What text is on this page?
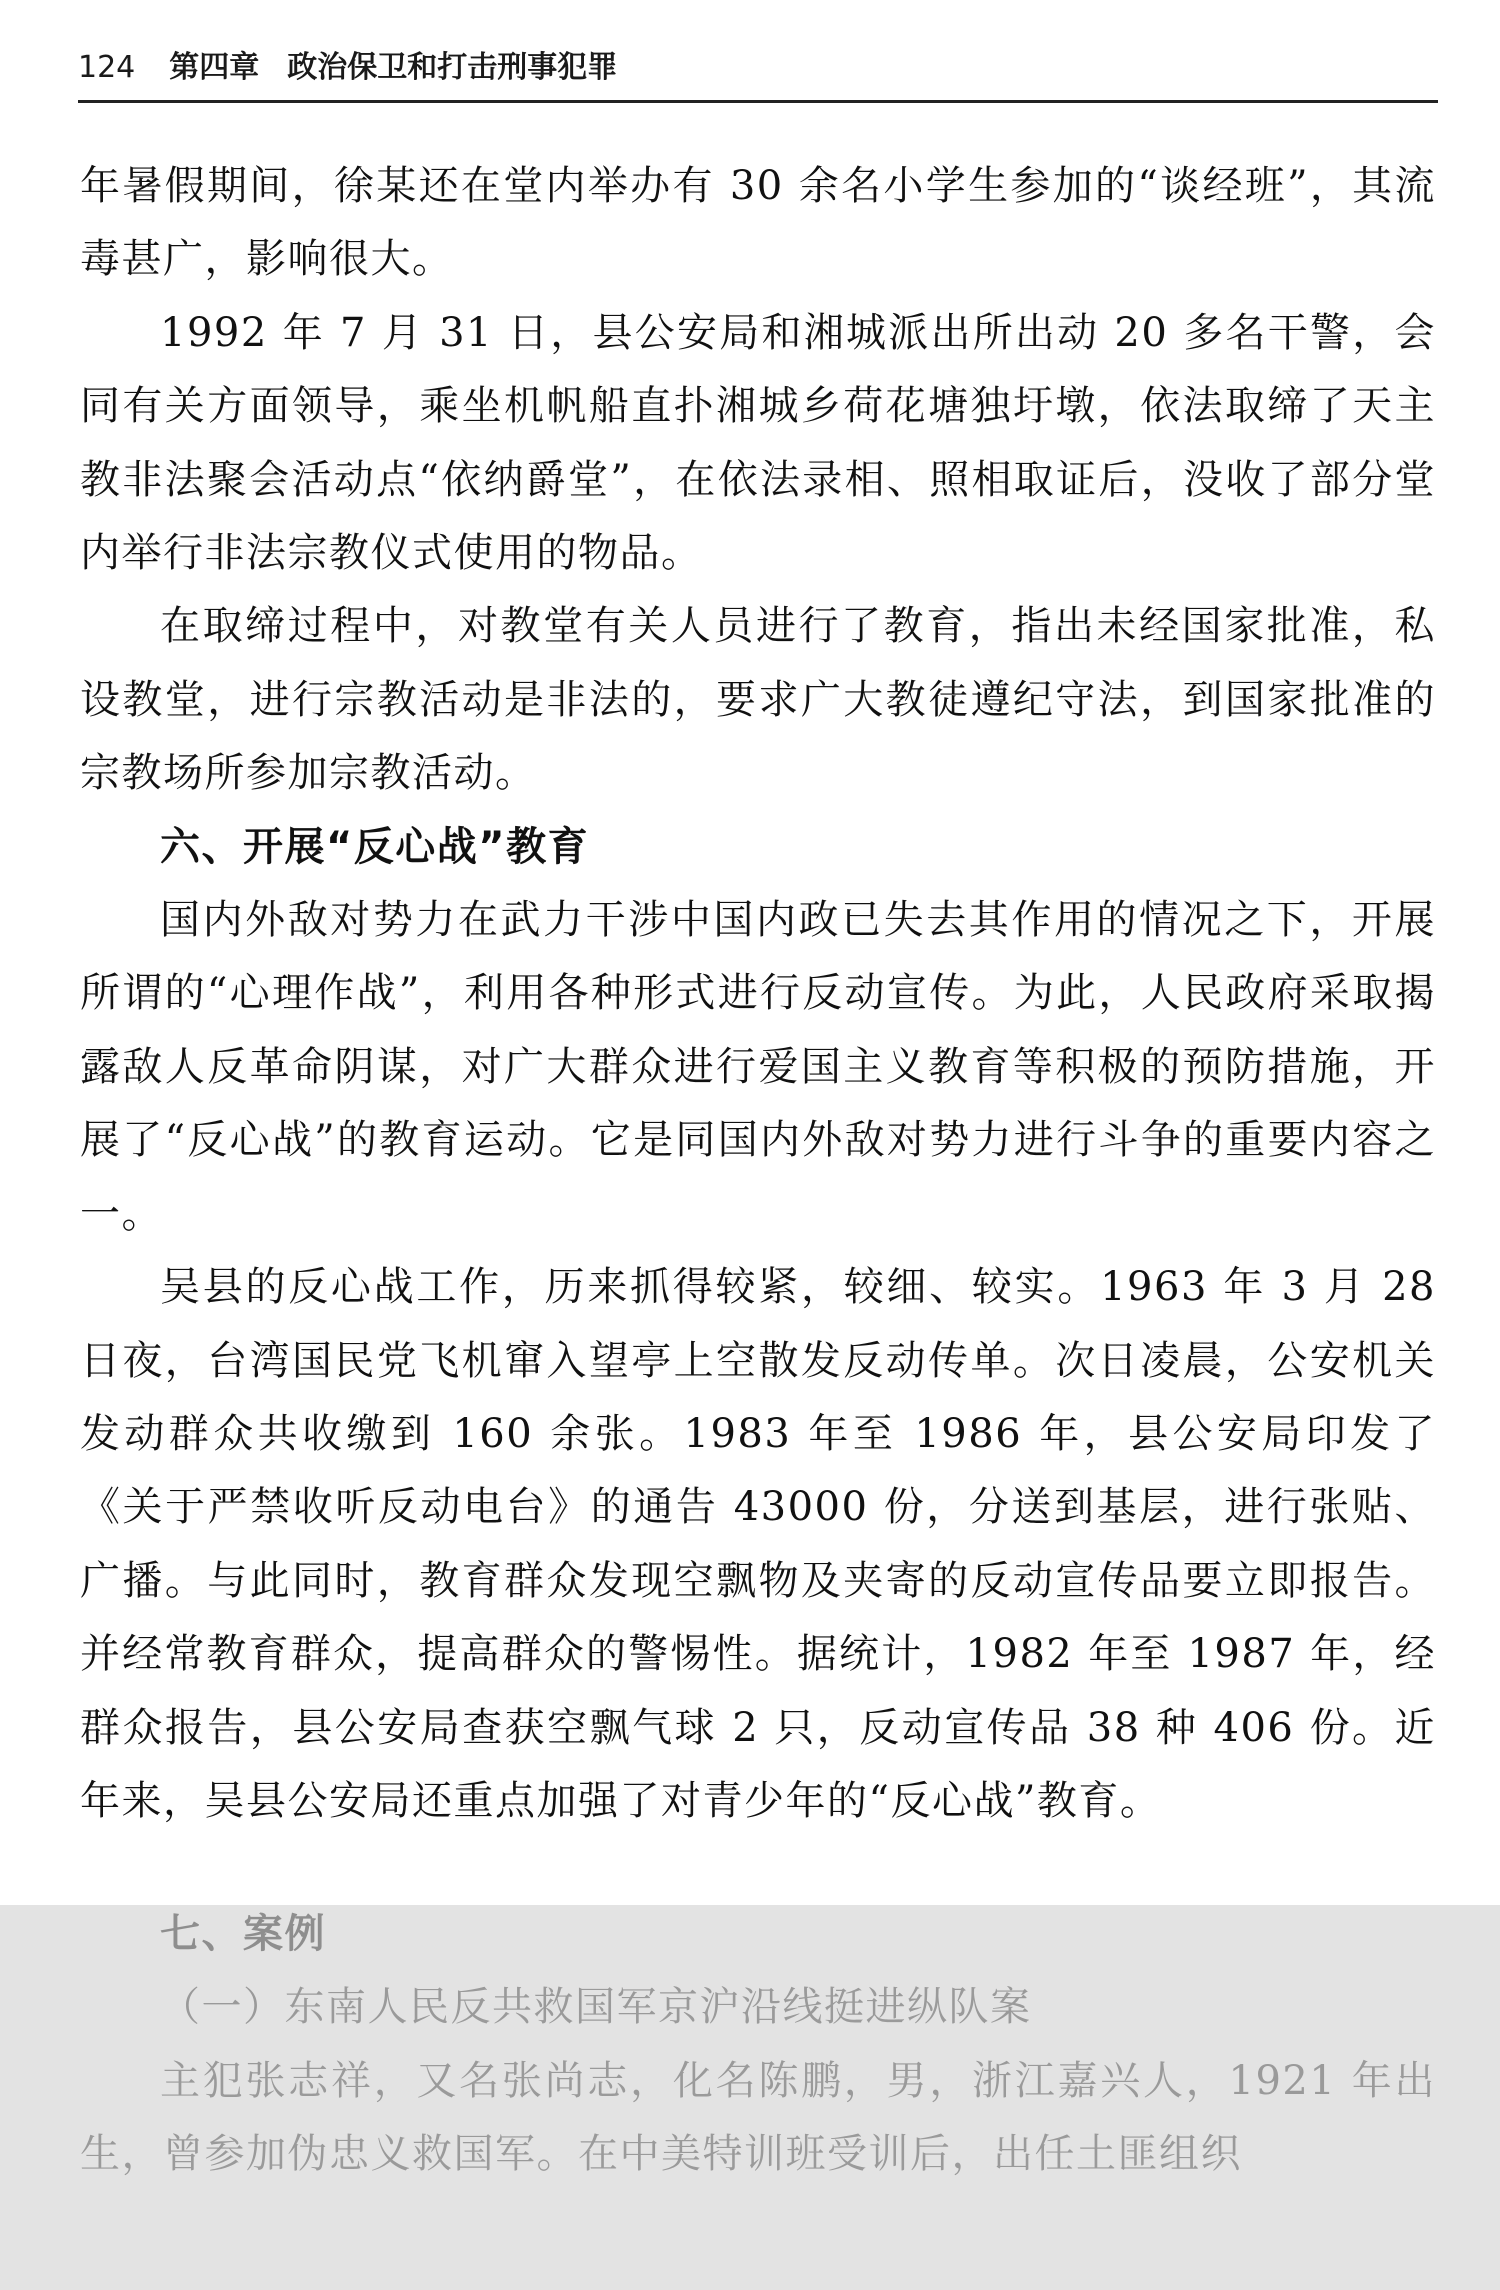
124 第四章 政治保卫和打击刑事犯罪

年暑假期间，徐某还在堂内举办有 30 余名小学生参加的“谈经班”，其流毒甚广，影响很大。

1992 年 7 月 31 日，县公安局和湘城派出所出动 20 多名干警，会同有关方面领导，乘坐机帆船直扑湘城乡荷花塘独圩墩，依法取缔了天主教非法聚会活动点“依纳爵堂”，在依法录相、照相取证后，没收了部分堂内举行非法宗教仪式使用的物品。

在取缔过程中，对教堂有关人员进行了教育，指出未经国家批准，私设教堂，进行宗教活动是非法的，要求广大教徒遵纪守法，到国家批准的宗教场所参加宗教活动。

六、开展“反心战”教育

国内外敌对势力在武力干涉中国内政已失去其作用的情况之下，开展所谓的“心理作战”，利用各种形式进行反动宣传。为此，人民政府采取揭露敌人反革命阴谋，对广大群众进行爱国主义教育等积极的预防措施，开展了“反心战”的教育运动。它是同国内外敌对势力进行斗争的重要内容之一。

吴县的反心战工作，历来抓得较紧，较细、较实。1963 年 3 月 28 日夜，台湾国民党飞机窜入望亭上空散发反动传单。次日凌晨，公安机关发动群众共收缴到 160 余张。1983 年至 1986 年，县公安局印发了《关于严禁收听反动电台》的通告 43000 份，分送到基层，进行张贴、广播。与此同时，教育群众发现空飘物及夹寄的反动宣传品要立即报告。并经常教育群众，提高群众的警惕性。据统计，1982 年至 1987 年，经群众报告，县公安局查获空飘气球 2 只，反动宣传品 38 种 406 份。近年来，吴县公安局还重点加强了对青少年的“反心战”教育。

七、案例

（一）东南人民反共救国军京沪沿线挺进纵队案

主犯张志祥，又名张尚志，化名陈鹏，男，浙江嘉兴人，1921 年出生，曾参加伪忠义救国军。在中美特训班受训后，出任土匪组织
